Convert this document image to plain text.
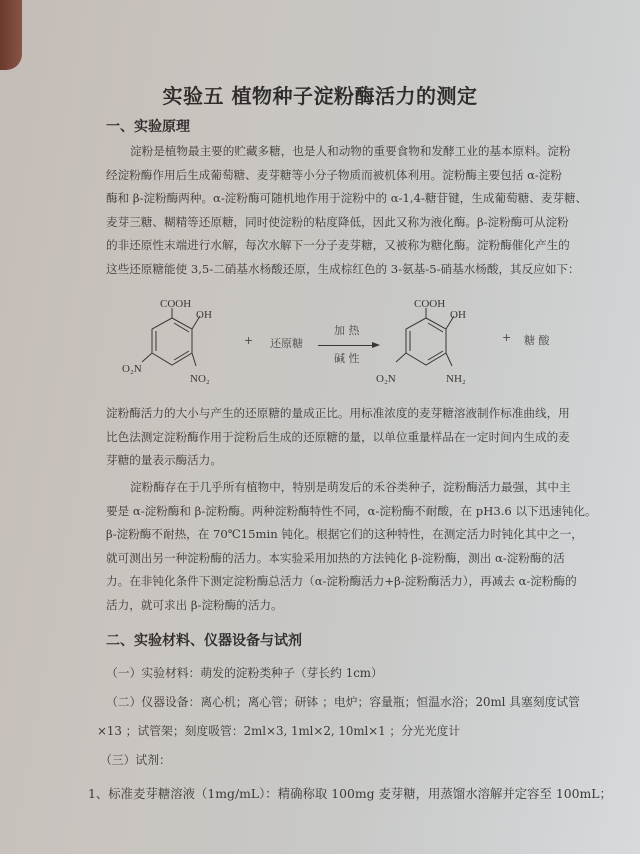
实验五 植物种子淀粉酶活力的测定
一、实验原理

淀粉是植物最主要的贮藏多糖，也是人和动物的重要食物和发酵工业的基本原料。淀粉

经淀粉酶作用后生成葡萄糖、麦芽糖等小分子物质而被机体利用。淀粉酶主要包括 α-淀粉

酶和 β-淀粉酶两种。α-淀粉酶可随机地作用于淀粉中的 α-1,4-糖苷键，生成葡萄糖、麦芽糖、

麦芽三糖、糊精等还原糖，同时使淀粉的粘度降低，因此又称为液化酶。β-淀粉酶可从淀粉

的非还原性末端进行水解，每次水解下一分子麦芽糖，又被称为糖化酶。淀粉酶催化产生的

这些还原糖能使 3,5-二硝基水杨酸还原，生成棕红色的 3-氨基-5-硝基水杨酸，其反应如下：

COOH
OH
NO₂
O₂N
COOH
OH
NH₂
O₂N
+ 还原糖
加 热
碱 性
+ 糖 酸

淀粉酶活力的大小与产生的还原糖的量成正比。用标准浓度的麦芽糖溶液制作标准曲线，用

比色法测定淀粉酶作用于淀粉后生成的还原糖的量，以单位重量样品在一定时间内生成的麦

芽糖的量表示酶活力。

淀粉酶存在于几乎所有植物中，特别是萌发后的禾谷类种子，淀粉酶活力最强，其中主

要是 α-淀粉酶和 β-淀粉酶。两种淀粉酶特性不同，α-淀粉酶不耐酸，在 pH3.6 以下迅速钝化。

β-淀粉酶不耐热，在 70℃15min 钝化。根据它们的这种特性，在测定活力时钝化其中之一，

就可测出另一种淀粉酶的活力。本实验采用加热的方法钝化 β-淀粉酶，测出 α-淀粉酶的活

力。在非钝化条件下测定淀粉酶总活力（α-淀粉酶活力+β-淀粉酶活力），再减去 α-淀粉酶的

活力，就可求出 β-淀粉酶的活力。

二、实验材料、仪器设备与试剂
（一）实验材料：萌发的淀粉类种子（芽长约 1cm）
（二）仪器设备：离心机；离心管；研钵 ；电炉；容量瓶；恒温水浴；20ml 具塞刻度试管
×13 ；试管架；刻度吸管：2ml×3, 1ml×2, 10ml×1 ；分光光度计
（三）试剂：
1、标准麦芽糖溶液（1mg/mL）：精确称取 100mg 麦芽糖，用蒸馏水溶解并定容至 100mL；
